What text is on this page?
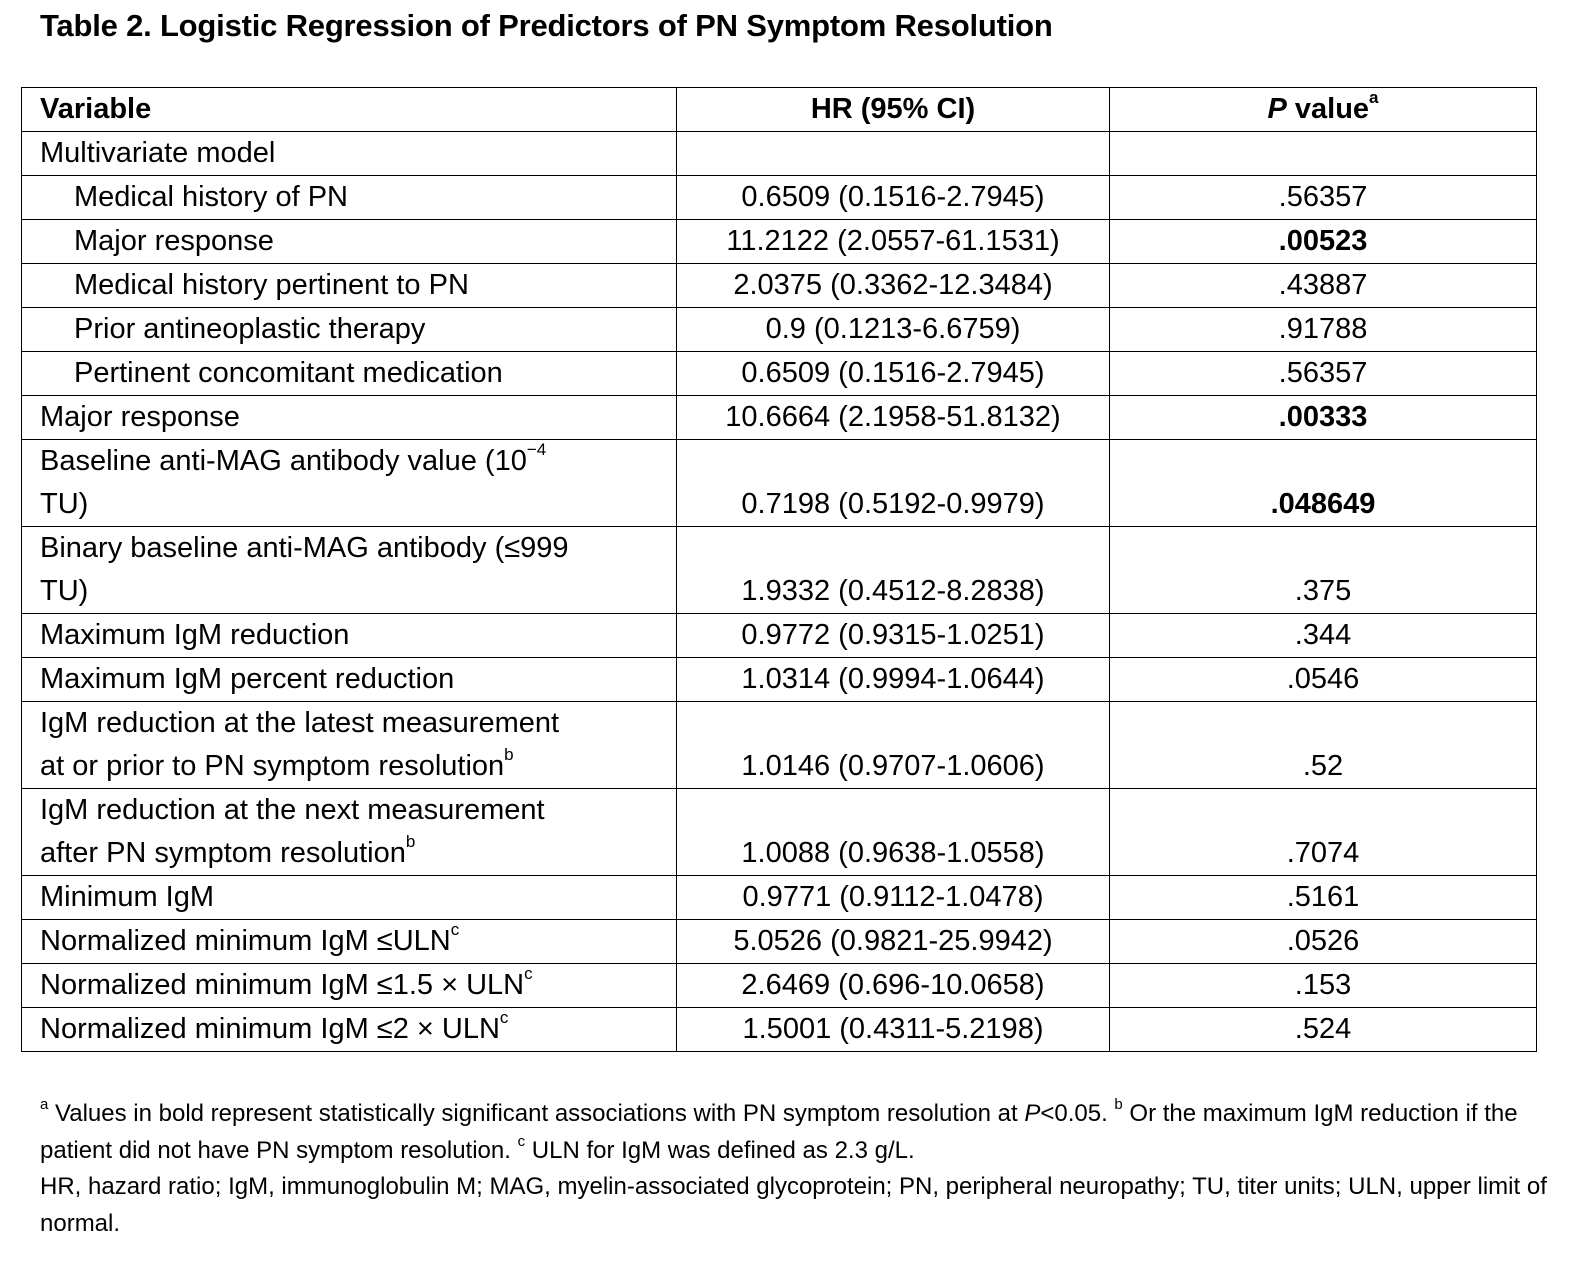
Table 2. Logistic Regression of Predictors of PN Symptom Resolution
Variable	HR (95% CI)	P value$^a$
Multivariate model		
Medical history of PN	0.6509 (0.1516-2.7945)	.56357
Major response	11.2122 (2.0557-61.1531)	.00523
Medical history pertinent to PN	2.0375 (0.3362-12.3484)	.43887
Prior antineoplastic therapy	0.9 (0.1213-6.6759)	.91788
Pertinent concomitant medication	0.6509 (0.1516-2.7945)	.56357
Major response	10.6664 (2.1958-51.8132)	.00333
Baseline anti-MAG antibody value ($10^{-4}$
TU)	0.7198 (0.5192-0.9979)	.048649
Binary baseline anti-MAG antibody (≤999
TU)	1.9332 (0.4512-8.2838)	.375
Maximum IgM reduction	0.9772 (0.9315-1.0251)	.344
Maximum IgM percent reduction	1.0314 (0.9994-1.0644)	.0546
IgM reduction at the latest measurement
at or prior to PN symptom resolution$^b$	1.0146 (0.9707-1.0606)	.52
IgM reduction at the next measurement
after PN symptom resolution$^b$	1.0088 (0.9638-1.0558)	.7074
Minimum IgM	0.9771 (0.9112-1.0478)	.5161
Normalized minimum IgM $\le ULN^c$	5.0526 (0.9821-25.9942)	.0526
Normalized minimum IgM $\le 1.5 \times ULN^c$	2.6469 (0.696-10.0658)	.153
Normalized minimum IgM $\le 2 \times ULN^c$	1.5001 (0.4311-5.2198)	.524

$^a$ Values in bold represent statistically significant associations with PN symptom resolution at P<0.05. $^b$ Or the maximum IgM reduction if the patient did not have PN symptom resolution. $^c$ ULN for IgM was defined as 2.3 g/L.

HR, hazard ratio; IgM, immunoglobulin M; MAG, myelin-associated glycoprotein; PN, peripheral neuropathy; TU, titer units; ULN, upper limit of normal.
